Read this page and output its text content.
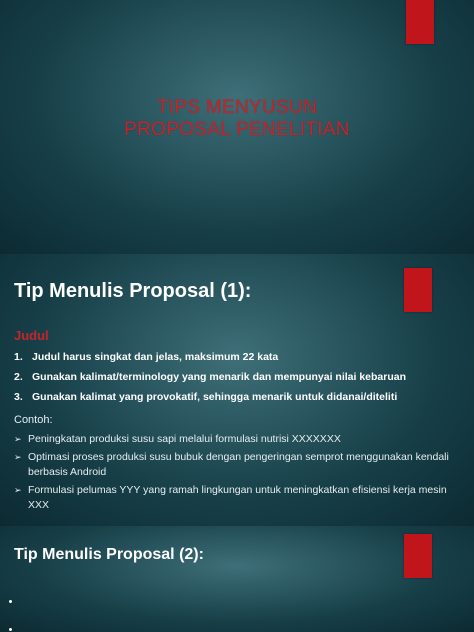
TIPS MENYUSUN
PROPOSAL PENELITIAN
Tip Menulis Proposal (1):
Judul
1. Judul harus singkat dan jelas, maksimum 22 kata
2. Gunakan kalimat/terminology yang menarik dan mempunyai nilai kebaruan
3. Gunakan kalimat yang provokatif, sehingga menarik untuk didanai/diteliti
Contoh:
➢ Peningkatan produksi susu sapi melalui formulasi nutrisi XXXXXXX
➢ Optimasi proses produksi susu bubuk dengan pengeringan semprot menggunakan kendali berbasis Android
➢ Formulasi pelumas YYY yang ramah lingkungan untuk meningkatkan efisiensi kerja mesin XXX
Tip Menulis Proposal (2):
